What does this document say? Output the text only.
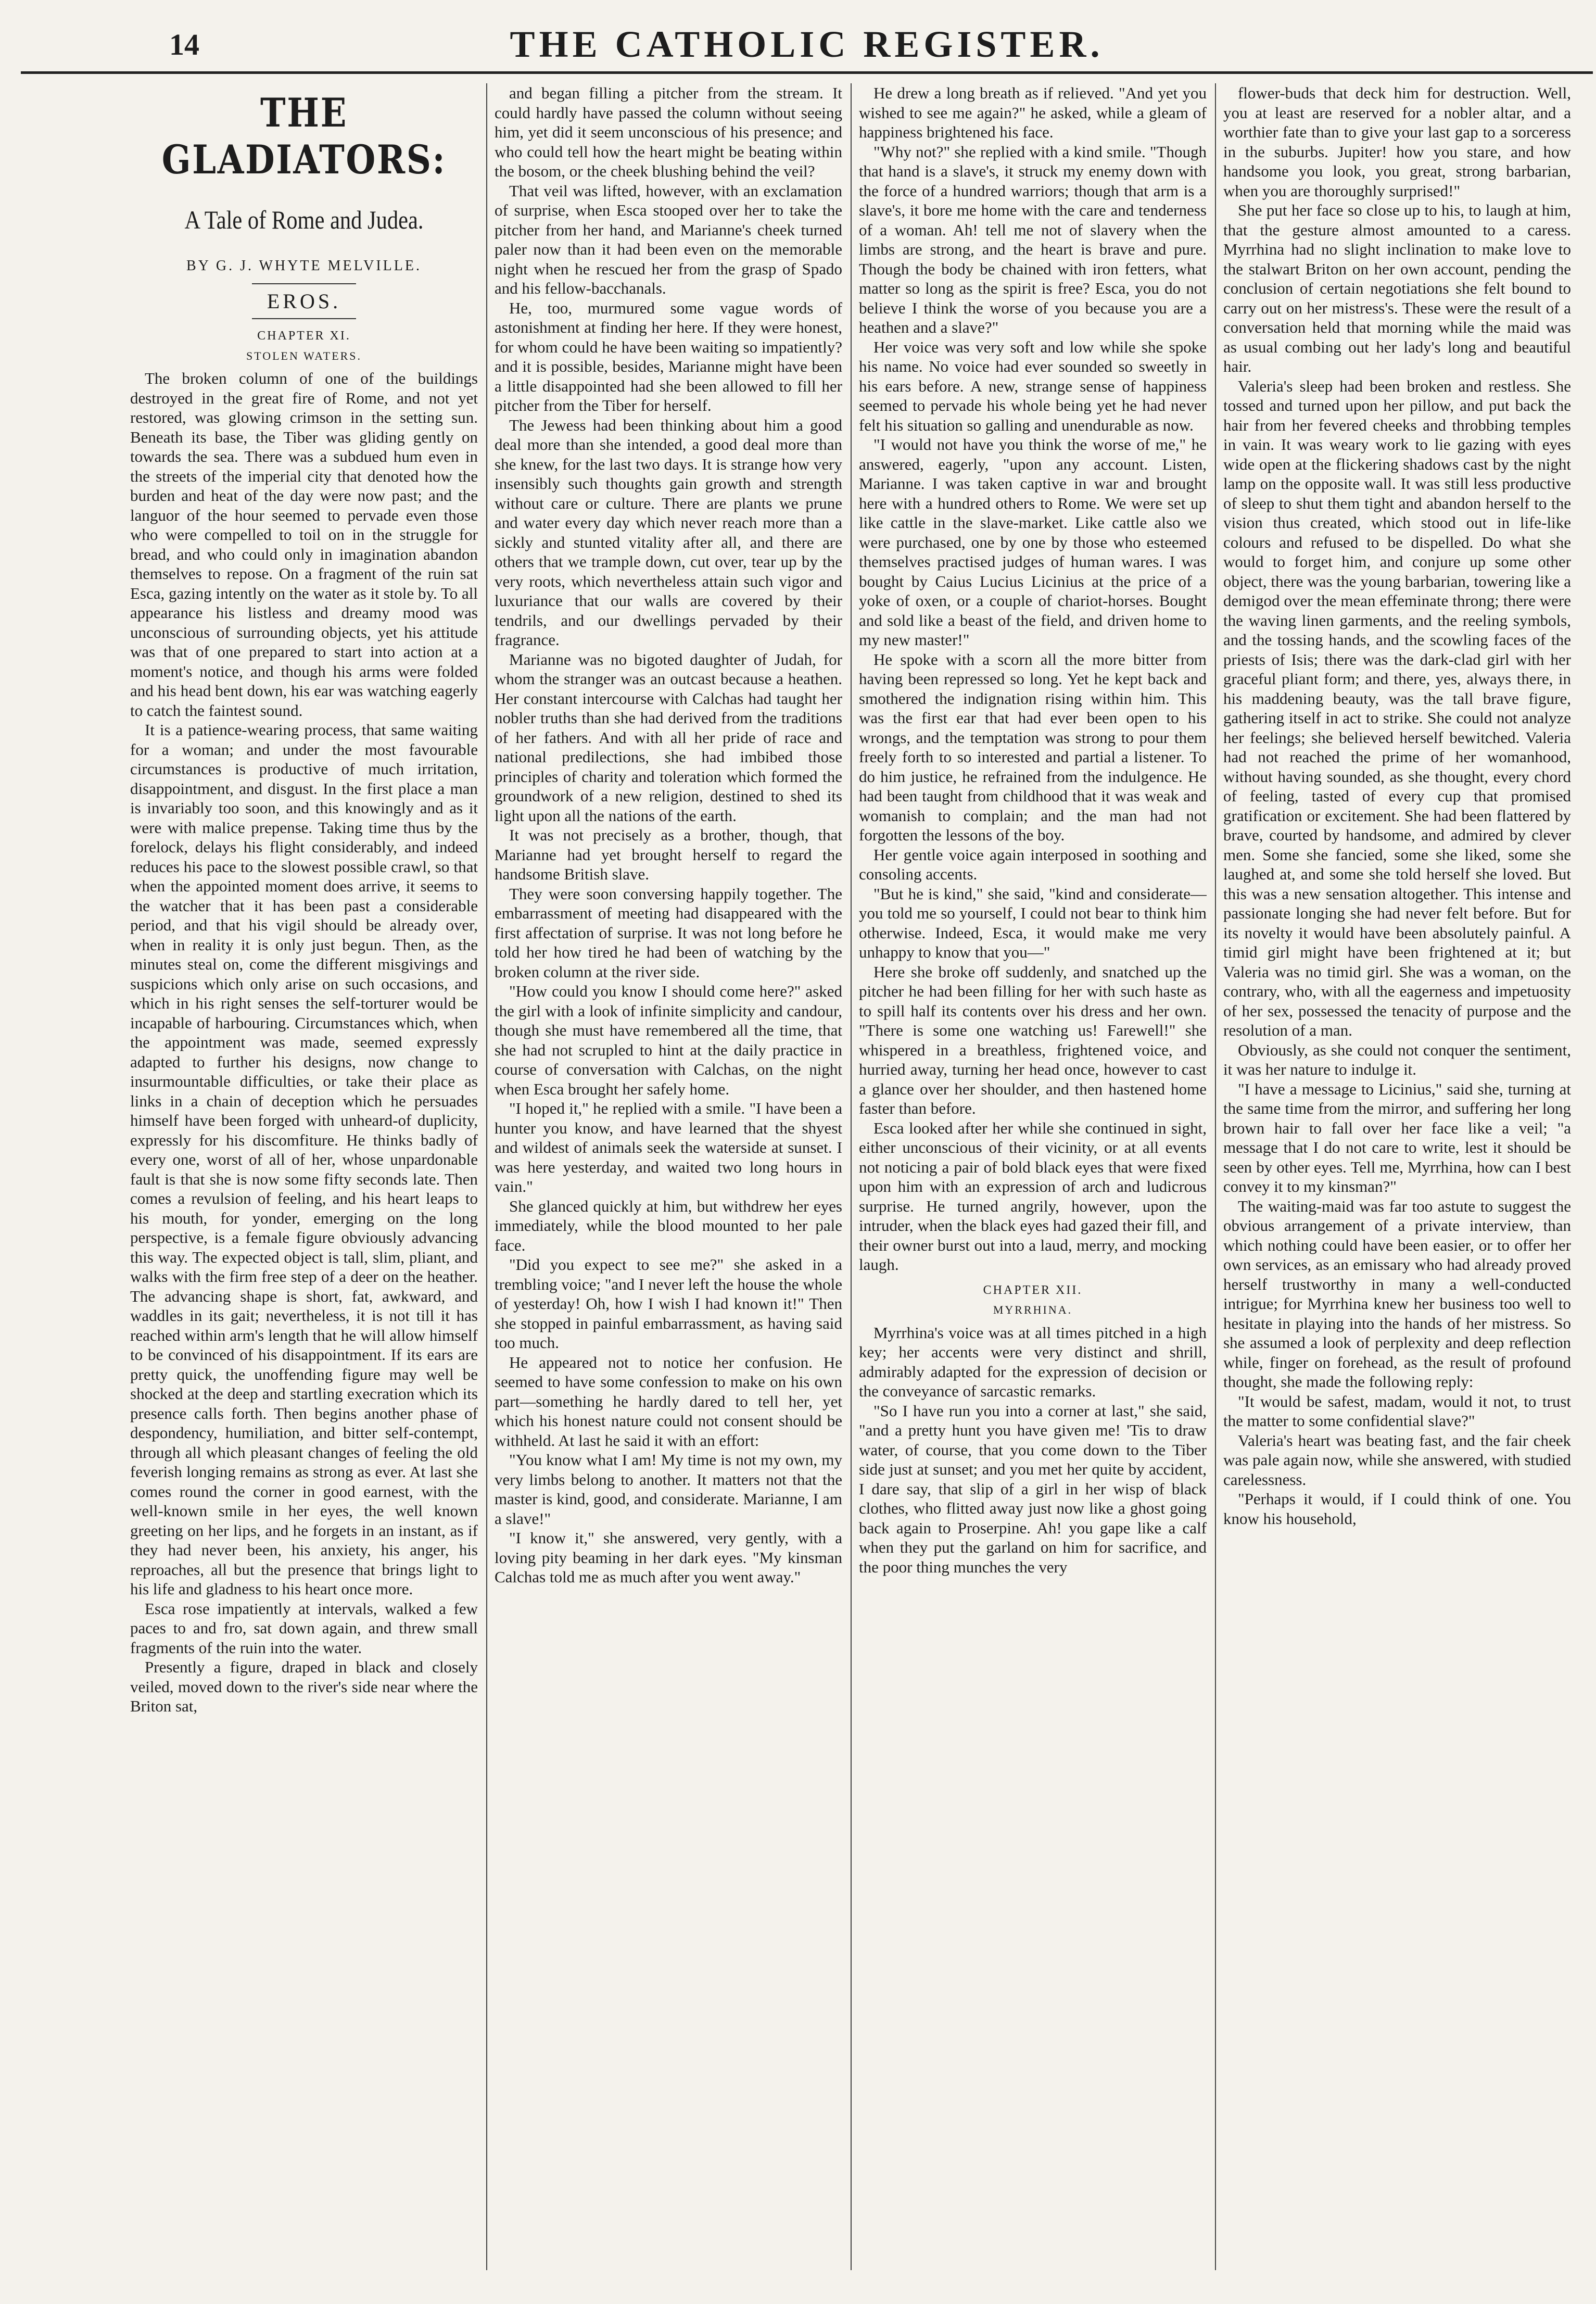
14	THE CATHOLIC REGISTER.
THE GLADIATORS:
A Tale of Rome and Judea.
BY G. J. WHYTE MELVILLE.
EROS.
CHAPTER XI.
STOLEN WATERS.

The broken column of one of the buildings destroyed in the great fire of Rome, and not yet restored, was glowing crimson in the setting sun. Beneath its base, the Tiber was gliding gently on towards the sea. There was a subdued hum even in the streets of the imperial city that denoted how the burden and heat of the day were now past; and the languor of the hour seemed to pervade even those who were compelled to toil on in the struggle for bread, and who could only in imagination abandon themselves to repose. On a fragment of the ruin sat Esca, gazing intently on the water as it stole by. To all appearance his listless and dreamy mood was unconscious of surrounding objects, yet his attitude was that of one prepared to start into action at a moment's notice, and though his arms were folded and his head bent down, his ear was watching eagerly to catch the faintest sound.

It is a patience-wearing process, that same waiting for a woman; and under the most favourable circumstances is productive of much irritation, disappointment, and disgust. In the first place a man is invariably too soon, and this knowingly and as it were with malice prepense. Taking time thus by the forelock, delays his flight considerably, and indeed reduces his pace to the slowest possible crawl, so that when the appointed moment does arrive, it seems to the watcher that it has been past a considerable period, and that his vigil should be already over, when in reality it is only just begun. Then, as the minutes steal on, come the different misgivings and suspicions which only arise on such occasions, and which in his right senses the self-torturer would be incapable of harbouring. Circumstances which, when the appointment was made, seemed expressly adapted to further his designs, now change to insurmountable difficulties, or take their place as links in a chain of deception which he persuades himself have been forged with unheard-of duplicity, expressly for his discomfiture. He thinks badly of every one, worst of all of her, whose unpardonable fault is that she is now some fifty seconds late. Then comes a revulsion of feeling, and his heart leaps to his mouth, for yonder, emerging on the long perspective, is a female figure obviously advancing this way. The expected object is tall, slim, pliant, and walks with the firm free step of a deer on the heather. The advancing shape is short, fat, awkward, and waddles in its gait; nevertheless, it is not till it has reached within arm's length that he will allow himself to be convinced of his disappointment. If its ears are pretty quick, the unoffending figure may well be shocked at the deep and startling execration which its presence calls forth. Then begins another phase of despondency, humiliation, and bitter self-contempt, through all which pleasant changes of feeling the old feverish longing remains as strong as ever. At last she comes round the corner in good earnest, with the well-known smile in her eyes, the well known greeting on her lips, and he forgets in an instant, as if they had never been, his anxiety, his anger, his reproaches, all but the presence that brings light to his life and gladness to his heart once more.

Esca rose impatiently at intervals, walked a few paces to and fro, sat down again, and threw small fragments of the ruin into the water.

Presently a figure, draped in black and closely veiled, moved down to the river's side near where the Briton sat,

and began filling a pitcher from the stream. It could hardly have passed the column without seeing him, yet did it seem unconscious of his presence; and who could tell how the heart might be beating within the bosom, or the cheek blushing behind the veil?

That veil was lifted, however, with an exclamation of surprise, when Esca stooped over her to take the pitcher from her hand, and Marianne's cheek turned paler now than it had been even on the memorable night when he rescued her from the grasp of Spado and his fellow-bacchanals.

He, too, murmured some vague words of astonishment at finding her here. If they were honest, for whom could he have been waiting so impatiently? and it is possible, besides, Marianne might have been a little disappointed had she been allowed to fill her pitcher from the Tiber for herself.

The Jewess had been thinking about him a good deal more than she intended, a good deal more than she knew, for the last two days. It is strange how very insensibly such thoughts gain growth and strength without care or culture. There are plants we prune and water every day which never reach more than a sickly and stunted vitality after all, and there are others that we trample down, cut over, tear up by the very roots, which nevertheless attain such vigor and luxuriance that our walls are covered by their tendrils, and our dwellings pervaded by their fragrance.

Marianne was no bigoted daughter of Judah, for whom the stranger was an outcast because a heathen. Her constant intercourse with Calchas had taught her nobler truths than she had derived from the traditions of her fathers. And with all her pride of race and national predilections, she had imbibed those principles of charity and toleration which formed the groundwork of a new religion, destined to shed its light upon all the nations of the earth.

It was not precisely as a brother, though, that Marianne had yet brought herself to regard the handsome British slave.

They were soon conversing happily together. The embarrassment of meeting had disappeared with the first affectation of surprise. It was not long before he told her how tired he had been of watching by the broken column at the river side.

"How could you know I should come here?" asked the girl with a look of infinite simplicity and candour, though she must have remembered all the time, that she had not scrupled to hint at the daily practice in course of conversation with Calchas, on the night when Esca brought her safely home.

"I hoped it," he replied with a smile. "I have been a hunter you know, and have learned that the shyest and wildest of animals seek the waterside at sunset. I was here yesterday, and waited two long hours in vain."

She glanced quickly at him, but withdrew her eyes immediately, while the blood mounted to her pale face.

"Did you expect to see me?" she asked in a trembling voice; "and I never left the house the whole of yesterday! Oh, how I wish I had known it!" Then she stopped in painful embarrassment, as having said too much.

He appeared not to notice her confusion. He seemed to have some confession to make on his own part—something he hardly dared to tell her, yet which his honest nature could not consent should be withheld. At last he said it with an effort:

"You know what I am! My time is not my own, my very limbs belong to another. It matters not that the master is kind, good, and considerate. Marianne, I am a slave!"

"I know it," she answered, very gently, with a loving pity beaming in her dark eyes. "My kinsman Calchas told me as much after you went away."

He drew a long breath as if relieved. "And yet you wished to see me again?" he asked, while a gleam of happiness brightened his face.

"Why not?" she replied with a kind smile. "Though that hand is a slave's, it struck my enemy down with the force of a hundred warriors; though that arm is a slave's, it bore me home with the care and tenderness of a woman. Ah! tell me not of slavery when the limbs are strong, and the heart is brave and pure. Though the body be chained with iron fetters, what matter so long as the spirit is free? Esca, you do not believe I think the worse of you because you are a heathen and a slave?"

Her voice was very soft and low while she spoke his name. No voice had ever sounded so sweetly in his ears before. A new, strange sense of happiness seemed to pervade his whole being yet he had never felt his situation so galling and unendurable as now.

"I would not have you think the worse of me," he answered, eagerly, "upon any account. Listen, Marianne. I was taken captive in war and brought here with a hundred others to Rome. We were set up like cattle in the slave-market. Like cattle also we were purchased, one by one by those who esteemed themselves practised judges of human wares. I was bought by Caius Lucius Licinius at the price of a yoke of oxen, or a couple of chariot-horses. Bought and sold like a beast of the field, and driven home to my new master!"

He spoke with a scorn all the more bitter from having been repressed so long. Yet he kept back and smothered the indignation rising within him. This was the first ear that had ever been open to his wrongs, and the temptation was strong to pour them freely forth to so interested and partial a listener. To do him justice, he refrained from the indulgence. He had been taught from childhood that it was weak and womanish to complain; and the man had not forgotten the lessons of the boy.

Her gentle voice again interposed in soothing and consoling accents.

"But he is kind," she said, "kind and considerate—you told me so yourself, I could not bear to think him otherwise. Indeed, Esca, it would make me very unhappy to know that you—"

Here she broke off suddenly, and snatched up the pitcher he had been filling for her with such haste as to spill half its contents over his dress and her own. "There is some one watching us! Farewell!" she whispered in a breathless, frightened voice, and hurried away, turning her head once, however to cast a glance over her shoulder, and then hastened home faster than before.

Esca looked after her while she continued in sight, either unconscious of their vicinity, or at all events not noticing a pair of bold black eyes that were fixed upon him with an expression of arch and ludicrous surprise. He turned angrily, however, upon the intruder, when the black eyes had gazed their fill, and their owner burst out into a laud, merry, and mocking laugh.

CHAPTER XII.
MYRRHINA.

Myrrhina's voice was at all times pitched in a high key; her accents were very distinct and shrill, admirably adapted for the expression of decision or the conveyance of sarcastic remarks.

"So I have run you into a corner at last," she said, "and a pretty hunt you have given me! 'Tis to draw water, of course, that you come down to the Tiber side just at sunset; and you met her quite by accident, I dare say, that slip of a girl in her wisp of black clothes, who flitted away just now like a ghost going back again to Proserpine. Ah! you gape like a calf when they put the garland on him for sacrifice, and the poor thing munches the very

flower-buds that deck him for destruction. Well, you at least are reserved for a nobler altar, and a worthier fate than to give your last gap to a sorceress in the suburbs. Jupiter! how you stare, and how handsome you look, you great, strong barbarian, when you are thoroughly surprised!"

She put her face so close up to his, to laugh at him, that the gesture almost amounted to a caress. Myrrhina had no slight inclination to make love to the stalwart Briton on her own account, pending the conclusion of certain negotiations she felt bound to carry out on her mistress's. These were the result of a conversation held that morning while the maid was as usual combing out her lady's long and beautiful hair.

Valeria's sleep had been broken and restless. She tossed and turned upon her pillow, and put back the hair from her fevered cheeks and throbbing temples in vain. It was weary work to lie gazing with eyes wide open at the flickering shadows cast by the night lamp on the opposite wall. It was still less productive of sleep to shut them tight and abandon herself to the vision thus created, which stood out in life-like colours and refused to be dispelled. Do what she would to forget him, and conjure up some other object, there was the young barbarian, towering like a demigod over the mean effeminate throng; there were the waving linen garments, and the reeling symbols, and the tossing hands, and the scowling faces of the priests of Isis; there was the dark-clad girl with her graceful pliant form; and there, yes, always there, in his maddening beauty, was the tall brave figure, gathering itself in act to strike. She could not analyze her feelings; she believed herself bewitched. Valeria had not reached the prime of her womanhood, without having sounded, as she thought, every chord of feeling, tasted of every cup that promised gratification or excitement. She had been flattered by brave, courted by handsome, and admired by clever men. Some she fancied, some she liked, some she laughed at, and some she told herself she loved. But this was a new sensation altogether. This intense and passionate longing she had never felt before. But for its novelty it would have been absolutely painful. A timid girl might have been frightened at it; but Valeria was no timid girl. She was a woman, on the contrary, who, with all the eagerness and impetuosity of her sex, possessed the tenacity of purpose and the resolution of a man.

Obviously, as she could not conquer the sentiment, it was her nature to indulge it.

"I have a message to Licinius," said she, turning at the same time from the mirror, and suffering her long brown hair to fall over her face like a veil; "a message that I do not care to write, lest it should be seen by other eyes. Tell me, Myrrhina, how can I best convey it to my kinsman?"

The waiting-maid was far too astute to suggest the obvious arrangement of a private interview, than which nothing could have been easier, or to offer her own services, as an emissary who had already proved herself trustworthy in many a well-conducted intrigue; for Myrrhina knew her business too well to hesitate in playing into the hands of her mistress. So she assumed a look of perplexity and deep reflection while, finger on forehead, as the result of profound thought, she made the following reply:

"It would be safest, madam, would it not, to trust the matter to some confidential slave?"

Valeria's heart was beating fast, and the fair cheek was pale again now, while she answered, with studied carelessness.

"Perhaps it would, if I could think of one. You know his household,
